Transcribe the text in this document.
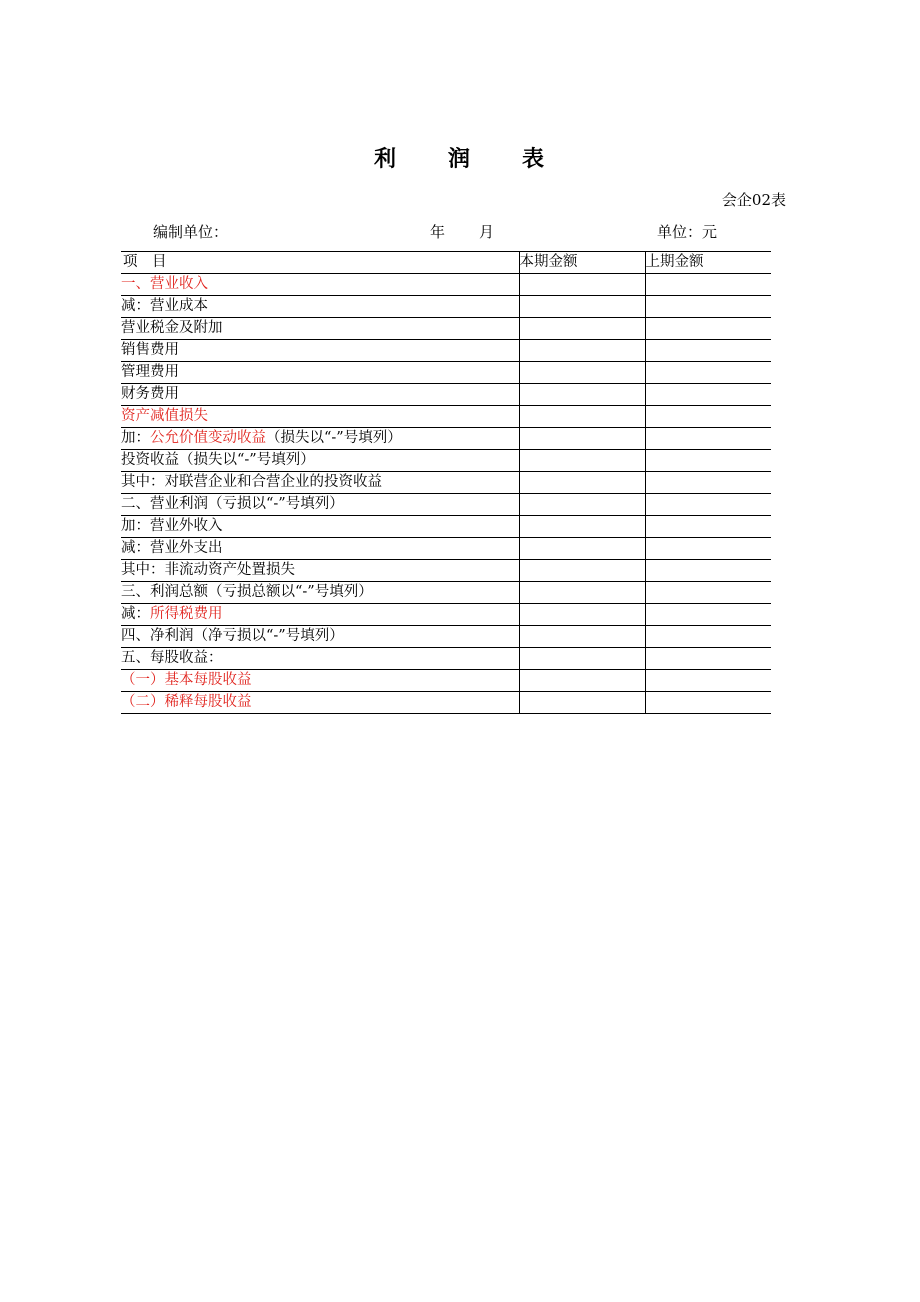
利 润 表
会企02表
编制单位：	年 月	单位：元
项　目	本期金额	上期金额
一、营业收入		
减：营业成本		
营业税金及附加		
销售费用		
管理费用		
财务费用		
资产减值损失		
加：公允价值变动收益（损失以“-”号填列）		
投资收益（损失以“-”号填列）		
其中：对联营企业和合营企业的投资收益		
二、营业利润（亏损以“-”号填列）		
加：营业外收入		
减：营业外支出		
其中：非流动资产处置损失		
三、利润总额（亏损总额以“-”号填列）		
减：所得税费用		
四、净利润（净亏损以“-”号填列）		
五、每股收益：		
（一）基本每股收益		
（二）稀释每股收益		
